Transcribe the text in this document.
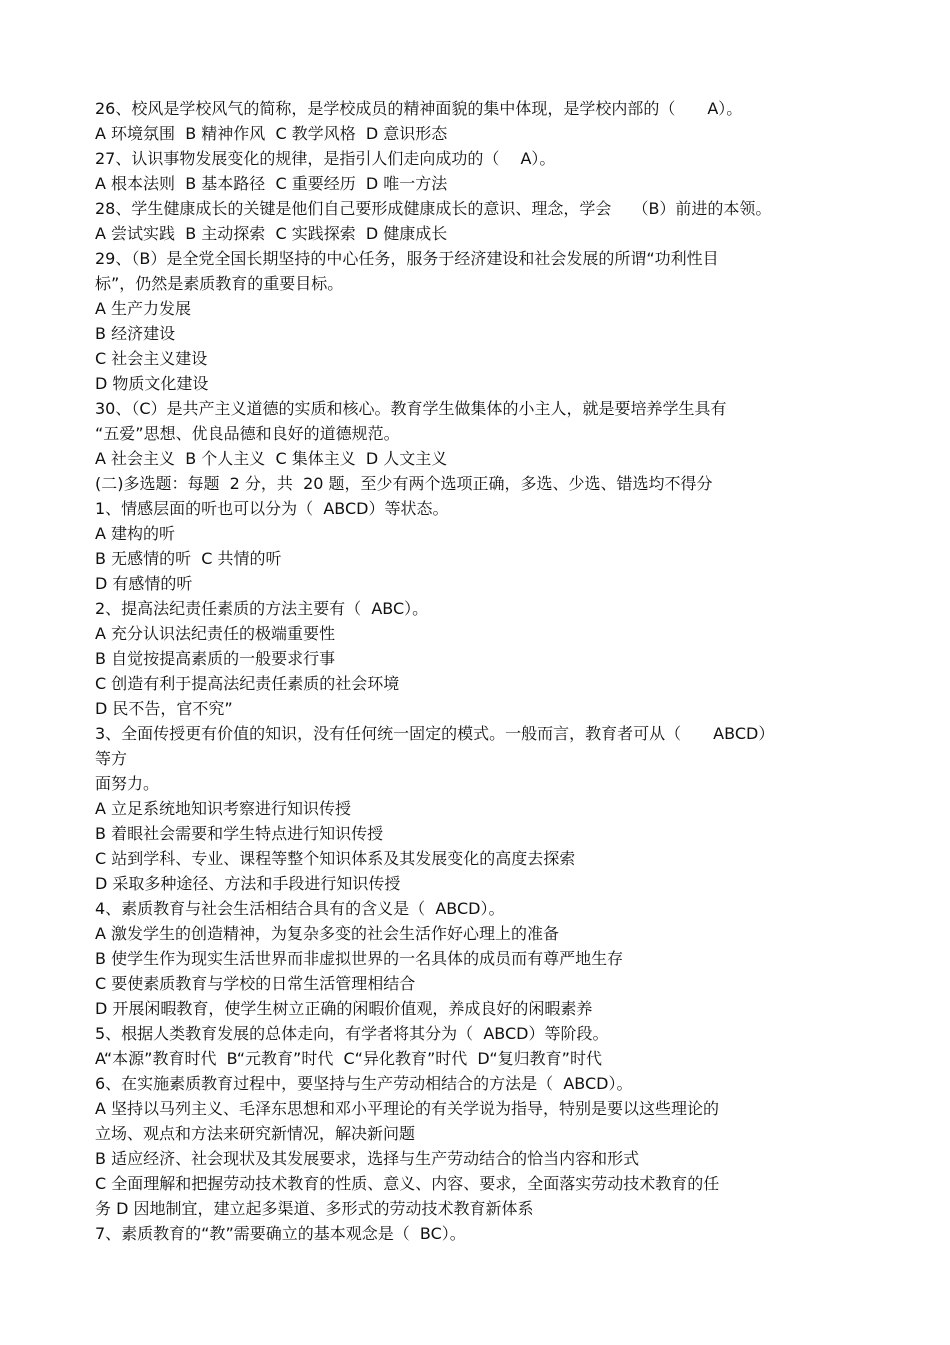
26、校风是学校风气的简称，是学校成员的精神面貌的集中体现，是学校内部的（　　A）。
A 环境氛围  B 精神作风  C 教学风格  D 意识形态
27、认识事物发展变化的规律，是指引人们走向成功的（　 A）。
A 根本法则  B 基本路径  C 重要经历  D 唯一方法
28、学生健康成长的关键是他们自己要形成健康成长的意识、理念，学会　 （B）前进的本领。
A 尝试实践  B 主动探索  C 实践探索  D 健康成长
29、（B）是全党全国长期坚持的中心任务，服务于经济建设和社会发展的所谓“功利性目
标”，仍然是素质教育的重要目标。
A 生产力发展
B 经济建设
C 社会主义建设
D 物质文化建设
30、（C）是共产主义道德的实质和核心。教育学生做集体的小主人，就是要培养学生具有
“五爱”思想、优良品德和良好的道德规范。
A 社会主义  B 个人主义  C 集体主义  D 人文主义
(二)多选题：每题  2 分，共  20 题，至少有两个选项正确，多选、少选、错选均不得分
1、情感层面的听也可以分为（  ABCD）等状态。
A 建构的听
B 无感情的听  C 共情的听
D 有感情的听
2、提高法纪责任素质的方法主要有（  ABC）。
A 充分认识法纪责任的极端重要性
B 自觉按提高素质的一般要求行事
C 创造有利于提高法纪责任素质的社会环境
D 民不告，官不究”
3、全面传授更有价值的知识，没有任何统一固定的模式。一般而言，教育者可从（　　ABCD）
等方
面努力。
A 立足系统地知识考察进行知识传授
B 着眼社会需要和学生特点进行知识传授
C 站到学科、专业、课程等整个知识体系及其发展变化的高度去探索
D 采取多种途径、方法和手段进行知识传授
4、素质教育与社会生活相结合具有的含义是（  ABCD）。
A 激发学生的创造精神，为复杂多变的社会生活作好心理上的准备
B 使学生作为现实生活世界而非虚拟世界的一名具体的成员而有尊严地生存
C 要使素质教育与学校的日常生活管理相结合
D 开展闲暇教育，使学生树立正确的闲暇价值观，养成良好的闲暇素养
5、根据人类教育发展的总体走向，有学者将其分为（  ABCD）等阶段。
A“本源”教育时代  B“元教育”时代  C“异化教育”时代  D“复归教育”时代
6、在实施素质教育过程中，要坚持与生产劳动相结合的方法是（  ABCD）。
A 坚持以马列主义、毛泽东思想和邓小平理论的有关学说为指导，特别是要以这些理论的
立场、观点和方法来研究新情况，解决新问题
B 适应经济、社会现状及其发展要求，选择与生产劳动结合的恰当内容和形式
C 全面理解和把握劳动技术教育的性质、意义、内容、要求，全面落实劳动技术教育的任
务 D 因地制宜，建立起多渠道、多形式的劳动技术教育新体系
7、素质教育的“教”需要确立的基本观念是（  BC）。
